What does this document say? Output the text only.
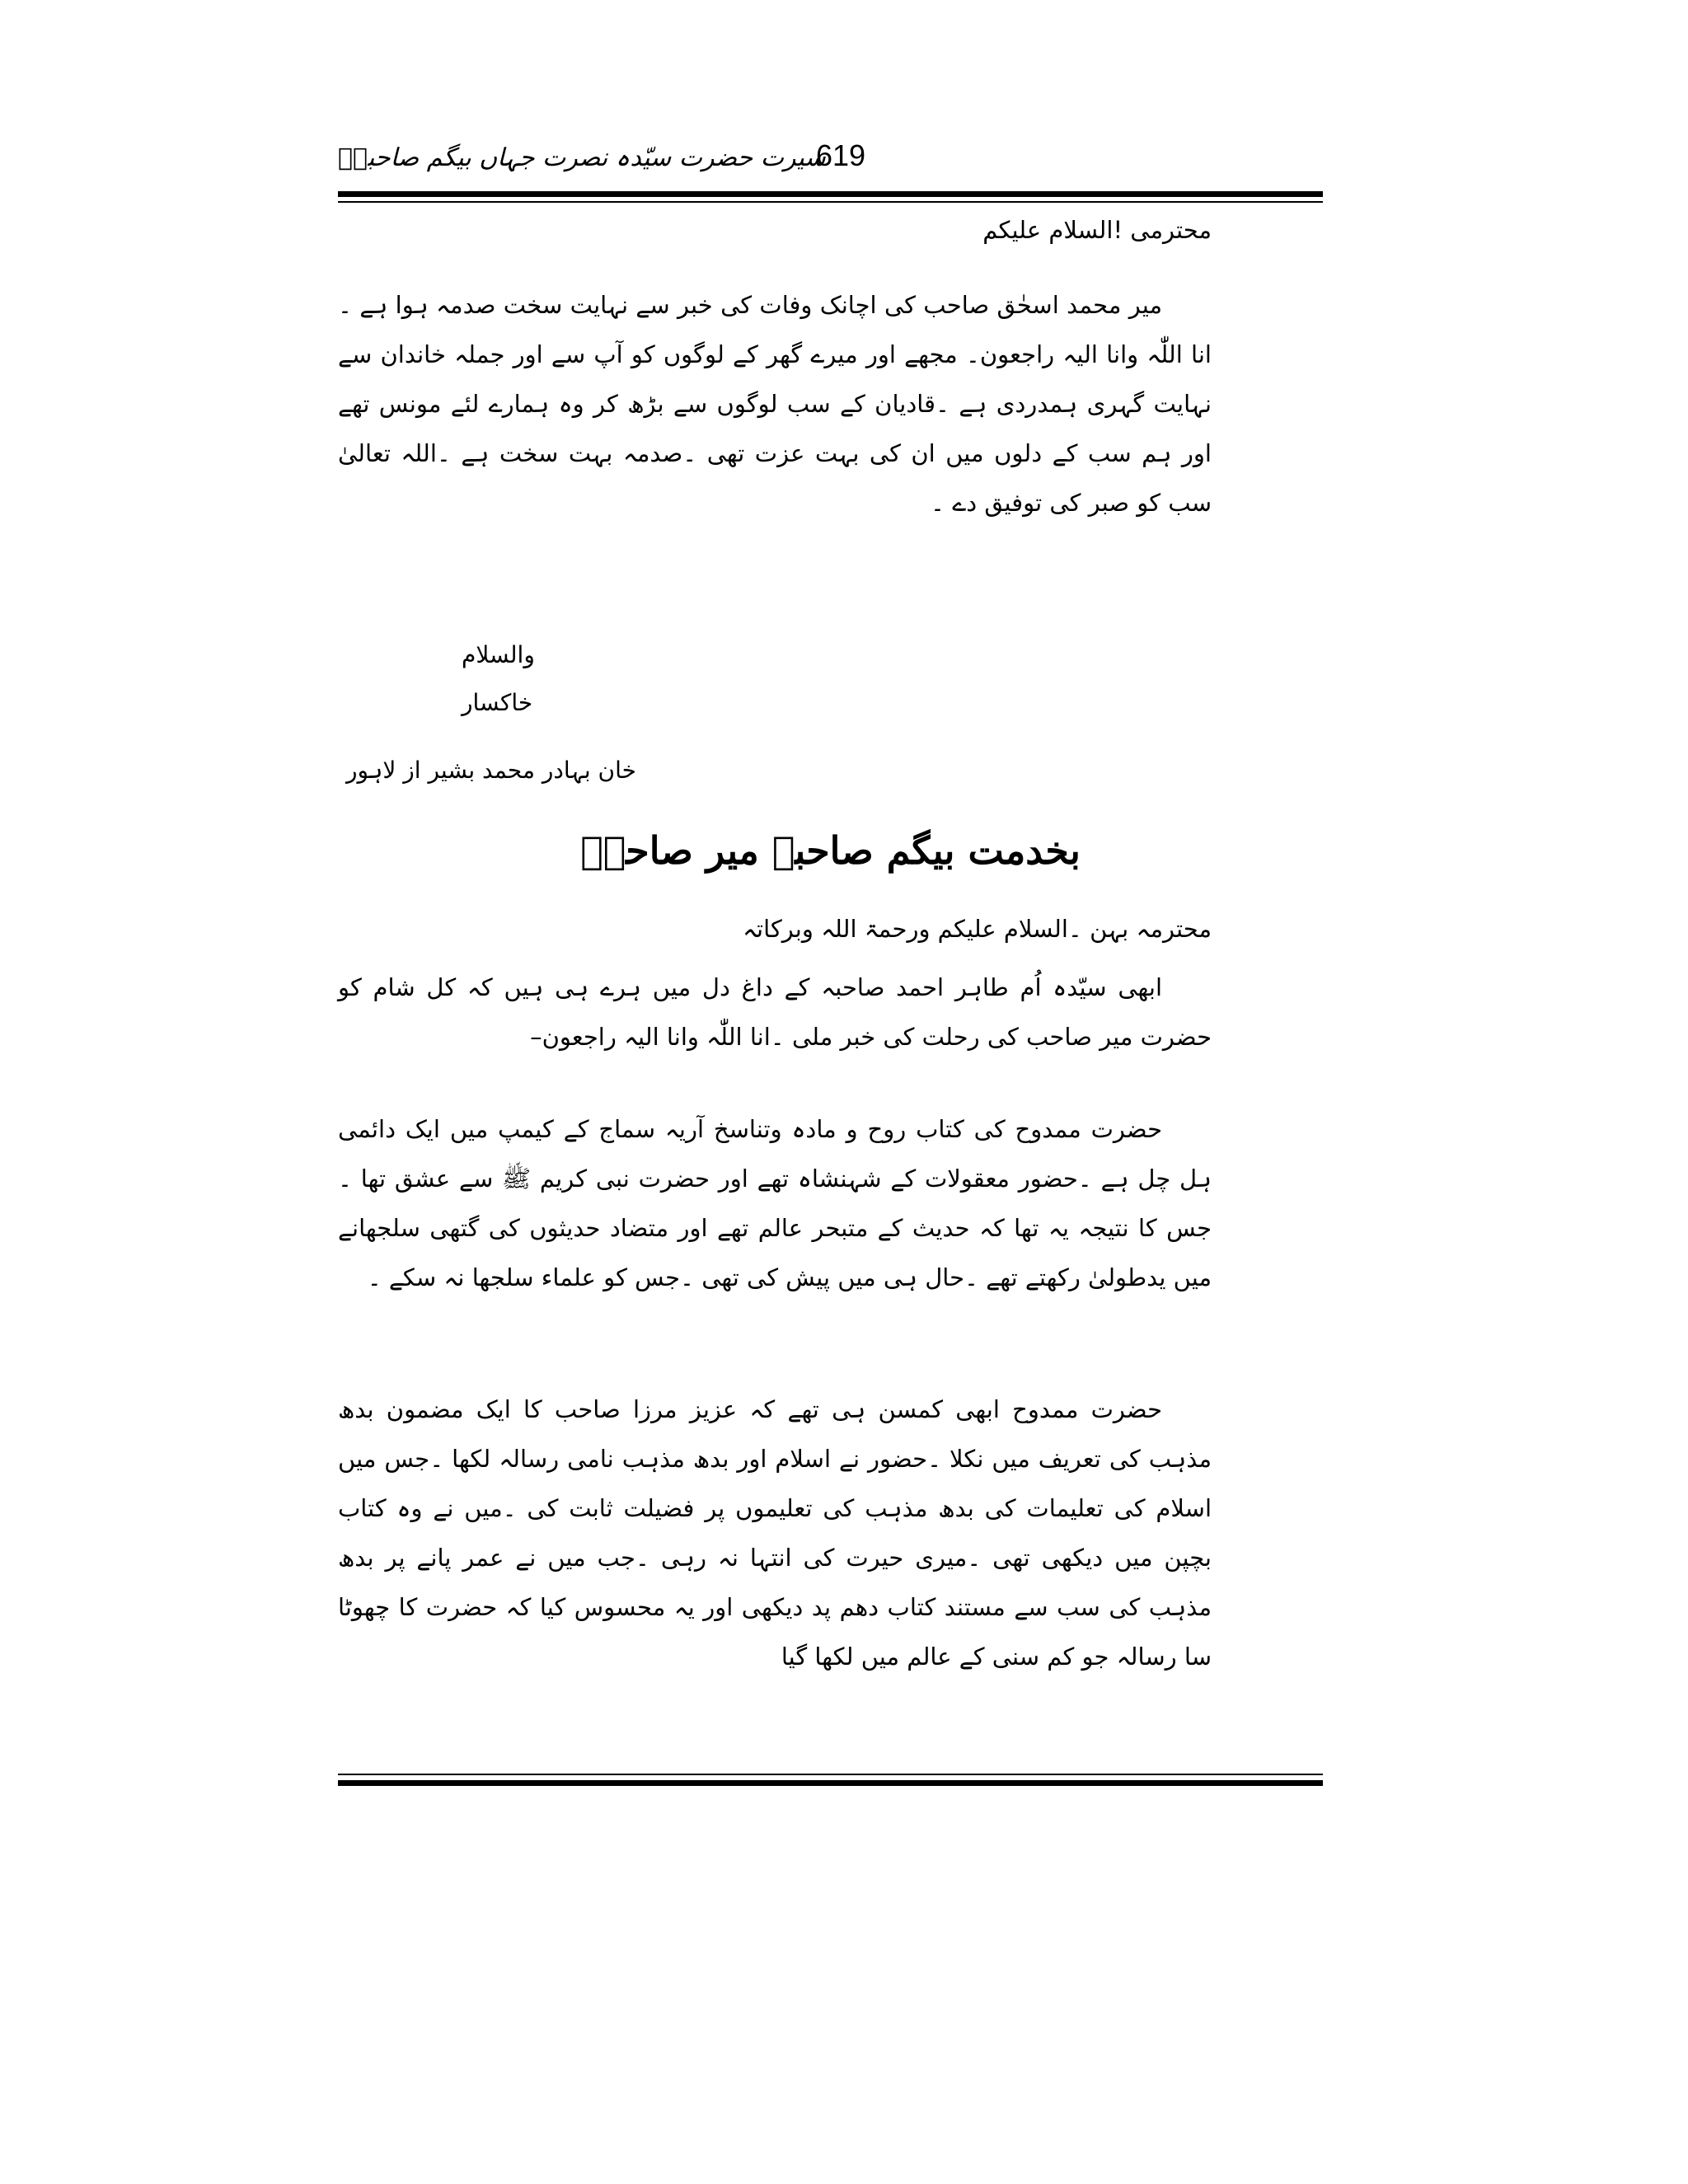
سیرت حضرت سیّدہ نصرت جہاں بیگم صاحبہؓ
619
محترمی !السلام علیکم
میر محمد اسحٰق صاحب کی اچانک وفات کی خبر سے نہایت سخت صدمہ ہوا ہے ۔انا اللّٰہ وانا الیہ راجعون۔ مجھے اور میرے گھر کے لوگوں کو آپ سے اور جملہ خاندان سے نہایت گہری ہمدردی ہے ۔قادیان کے سب لوگوں سے بڑھ کر وہ ہمارے لئے مونس تھے اور ہم سب کے دلوں میں ان کی بہت عزت تھی ۔صدمہ بہت سخت ہے ۔اللہ تعالیٰ سب کو صبر کی توفیق دے ۔
والسلام
خاکسار
خان بہادر محمد بشیر از لاہور
بخدمت بیگم صاحبہ میر صاحبؓ
محترمہ بہن ۔السلام علیکم ورحمۃ اللہ وبرکاتہ
ابھی سیّدہ اُم طاہر احمد صاحبہ کے داغ دل میں ہرے ہی ہیں کہ کل شام کو حضرت میر صاحب کی رحلت کی خبر ملی ۔انا اللّٰہ وانا الیہ راجعون–
حضرت ممدوح کی کتاب روح و مادہ وتناسخ آریہ سماج کے کیمپ میں ایک دائمی ہل چل ہے ۔حضور معقولات کے شہنشاہ تھے اور حضرت نبی کریم ﷺ سے عشق تھا ۔جس کا نتیجہ یہ تھا کہ حدیث کے متبحر عالم تھے اور متضاد حدیثوں کی گتھی سلجھانے میں یدطولیٰ رکھتے تھے ۔حال ہی میں پیش کی تھی ۔جس کو علماء سلجھا نہ سکے ۔
حضرت ممدوح ابھی کمسن ہی تھے کہ عزیز مرزا صاحب کا ایک مضمون بدھ مذہب کی تعریف میں نکلا ۔حضور نے اسلام اور بدھ مذہب نامی رسالہ لکھا ۔جس میں اسلام کی تعلیمات کی بدھ مذہب کی تعلیموں پر فضیلت ثابت کی ۔میں نے وہ کتاب بچپن میں دیکھی تھی ۔میری حیرت کی انتہا نہ رہی ۔جب میں نے عمر پانے پر بدھ مذہب کی سب سے مستند کتاب دھم پد دیکھی اور یہ محسوس کیا کہ حضرت کا چھوٹا سا رسالہ جو کم سنی کے عالم میں لکھا گیا
